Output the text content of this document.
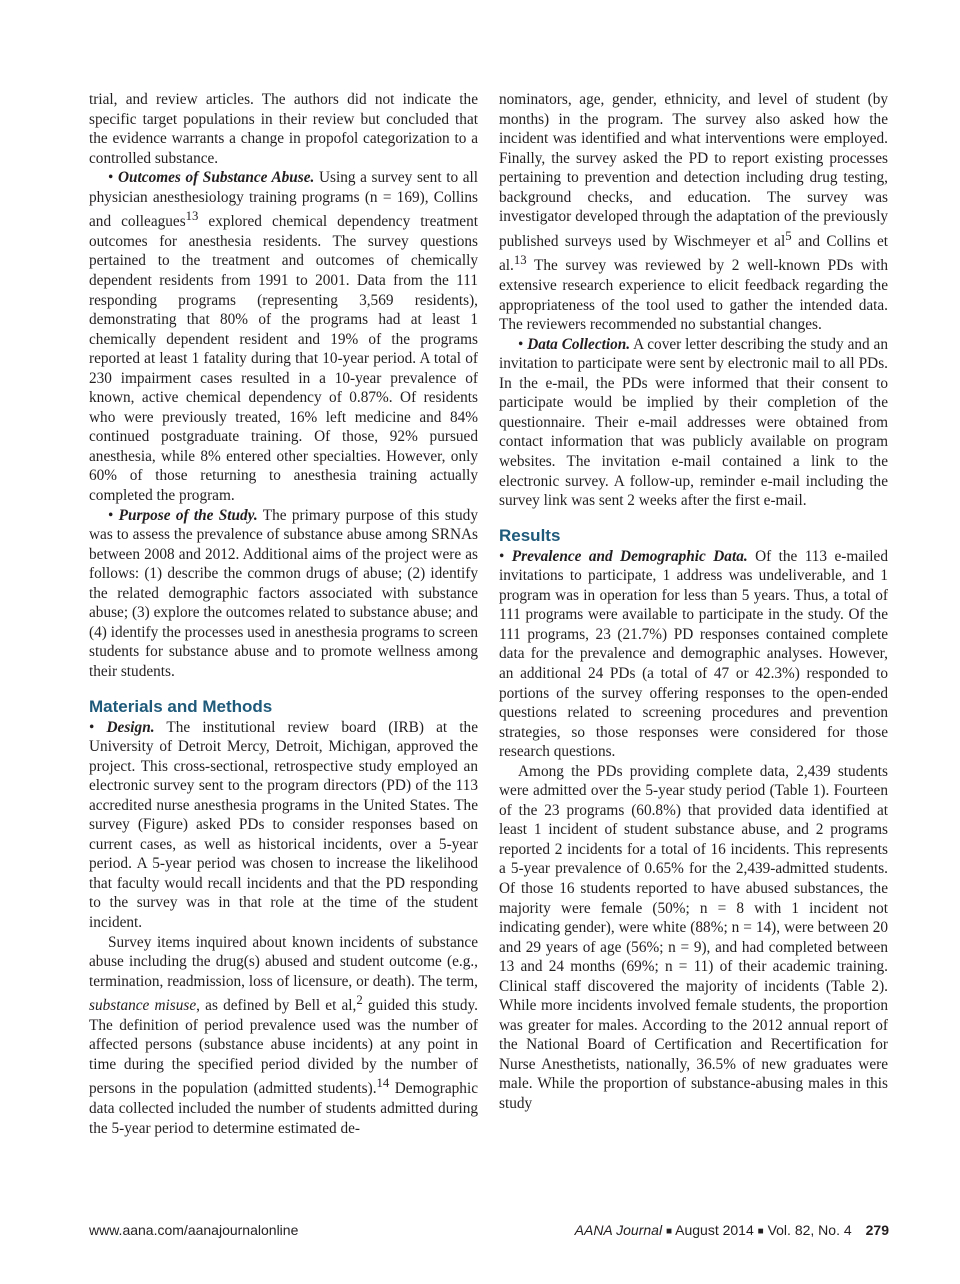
trial, and review articles. The authors did not indicate the specific target populations in their review but concluded that the evidence warrants a change in propofol categorization to a controlled substance.

• Outcomes of Substance Abuse. Using a survey sent to all physician anesthesiology training programs (n = 169), Collins and colleagues$^{13}$ explored chemical dependency treatment outcomes for anesthesia residents. The survey questions pertained to the treatment and outcomes of chemically dependent residents from 1991 to 2001. Data from the 111 responding programs (representing 3,569 residents), demonstrating that 80% of the programs had at least 1 chemically dependent resident and 19% of the programs reported at least 1 fatality during that 10-year period. A total of 230 impairment cases resulted in a 10-year prevalence of known, active chemical dependency of 0.87%. Of residents who were previously treated, 16% left medicine and 84% continued postgraduate training. Of those, 92% pursued anesthesia, while 8% entered other specialties. However, only 60% of those returning to anesthesia training actually completed the program.

• Purpose of the Study. The primary purpose of this study was to assess the prevalence of substance abuse among SRNAs between 2008 and 2012. Additional aims of the project were as follows: (1) describe the common drugs of abuse; (2) identify the related demographic factors associated with substance abuse; (3) explore the outcomes related to substance abuse; and (4) identify the processes used in anesthesia programs to screen students for substance abuse and to promote wellness among their students.

Materials and Methods

• Design. The institutional review board (IRB) at the University of Detroit Mercy, Detroit, Michigan, approved the project. This cross-sectional, retrospective study employed an electronic survey sent to the program directors (PD) of the 113 accredited nurse anesthesia programs in the United States. The survey (Figure) asked PDs to consider responses based on current cases, as well as historical incidents, over a 5-year period. A 5-year period was chosen to increase the likelihood that faculty would recall incidents and that the PD responding to the survey was in that role at the time of the student incident.

Survey items inquired about known incidents of substance abuse including the drug(s) abused and student outcome (e.g., termination, readmission, loss of licensure, or death). The term, substance misuse, as defined by Bell et al,$^2$ guided this study. The definition of period prevalence used was the number of affected persons (substance abuse incidents) at any point in time during the specified period divided by the number of persons in the population (admitted students).$^{14}$ Demographic data collected included the number of students admitted during the 5-year period to determine estimated de-

nominators, age, gender, ethnicity, and level of student (by months) in the program. The survey also asked how the incident was identified and what interventions were employed. Finally, the survey asked the PD to report existing processes pertaining to prevention and detection including drug testing, background checks, and education. The survey was investigator developed through the adaptation of the previously published surveys used by Wischmeyer et $al^5$ and Collins et al.$^{13}$ The survey was reviewed by 2 well-known PDs with extensive research experience to elicit feedback regarding the appropriateness of the tool used to gather the intended data. The reviewers recommended no substantial changes.

• Data Collection. A cover letter describing the study and an invitation to participate were sent by electronic mail to all PDs. In the e-mail, the PDs were informed that their consent to participate would be implied by their completion of the questionnaire. Their e-mail addresses were obtained from contact information that was publicly available on program websites. The invitation e-mail contained a link to the electronic survey. A follow-up, reminder e-mail including the survey link was sent 2 weeks after the first e-mail.

Results

• Prevalence and Demographic Data. Of the 113 e-mailed invitations to participate, 1 address was undeliverable, and 1 program was in operation for less than 5 years. Thus, a total of 111 programs were available to participate in the study. Of the 111 programs, 23 (21.7%) PD responses contained complete data for the prevalence and demographic analyses. However, an additional 24 PDs (a total of 47 or 42.3%) responded to portions of the survey offering responses to the open-ended questions related to screening procedures and prevention strategies, so those responses were considered for those research questions.

Among the PDs providing complete data, 2,439 students were admitted over the 5-year study period (Table 1). Fourteen of the 23 programs (60.8%) that provided data identified at least 1 incident of student substance abuse, and 2 programs reported 2 incidents for a total of 16 incidents. This represents a 5-year prevalence of 0.65% for the 2,439-admitted students. Of those 16 students reported to have abused substances, the majority were female (50%; n = 8 with 1 incident not indicating gender), were white (88%; n = 14), were between 20 and 29 years of age (56%; n = 9), and had completed between 13 and 24 months (69%; n = 11) of their academic training. Clinical staff discovered the majority of incidents (Table 2). While more incidents involved female students, the proportion was greater for males. According to the 2012 annual report of the National Board of Certification and Recertification for Nurse Anesthetists, nationally, 36.5% of new graduates were male. While the proportion of substance-abusing males in this study

www.aana.com/aanajournalonline	AANA Journal ■ August 2014 ■ Vol. 82, No. 4 279
